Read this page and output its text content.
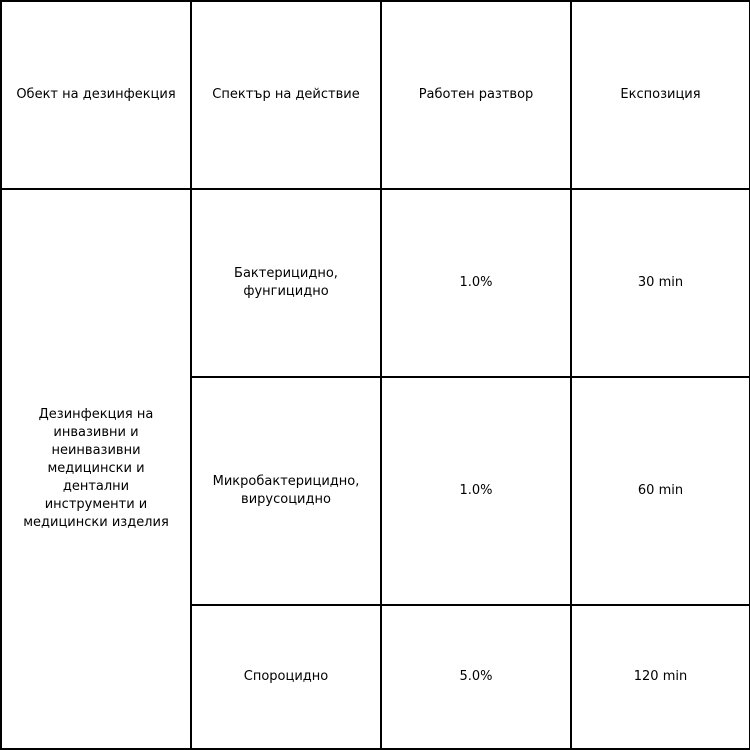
Обект на дезинфекция	Спектър на действие	Работен разтвор	Експозиция
Дезинфекция на инвазивни и неинвазивни медицински и дентални инструменти и медицински изделия	Бактерицидно, фунгицидно	1.0%	30 min
	Микробактерицидно, вирусоцидно	1.0%	60 min
	Спороцидно	5.0%	120 min
